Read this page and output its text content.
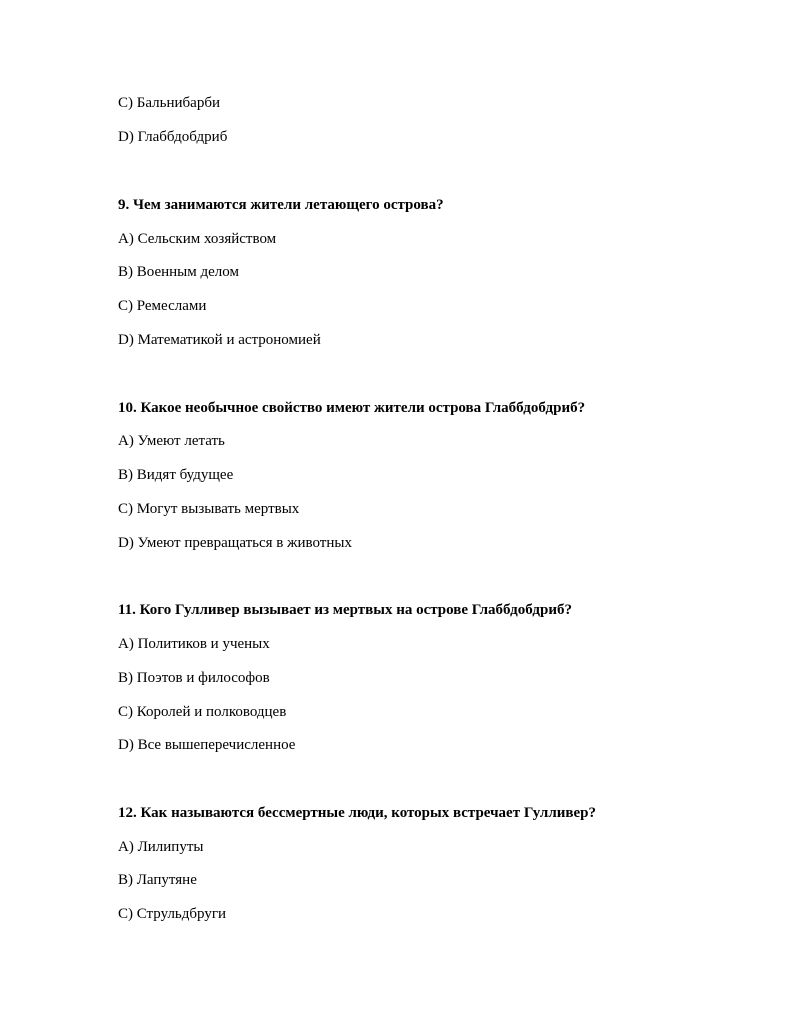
C) Бальнибарби
D) Глаббдобдриб
9. Чем занимаются жители летающего острова?
A) Сельским хозяйством
B) Военным делом
C) Ремеслами
D) Математикой и астрономией
10. Какое необычное свойство имеют жители острова Глаббдобдриб?
A) Умеют летать
B) Видят будущее
C) Могут вызывать мертвых
D) Умеют превращаться в животных
11. Кого Гулливер вызывает из мертвых на острове Глаббдобдриб?
A) Политиков и ученых
B) Поэтов и философов
C) Королей и полководцев
D) Все вышеперечисленное
12. Как называются бессмертные люди, которых встречает Гулливер?
A) Лилипуты
B) Лапутяне
C) Струльдбруги
